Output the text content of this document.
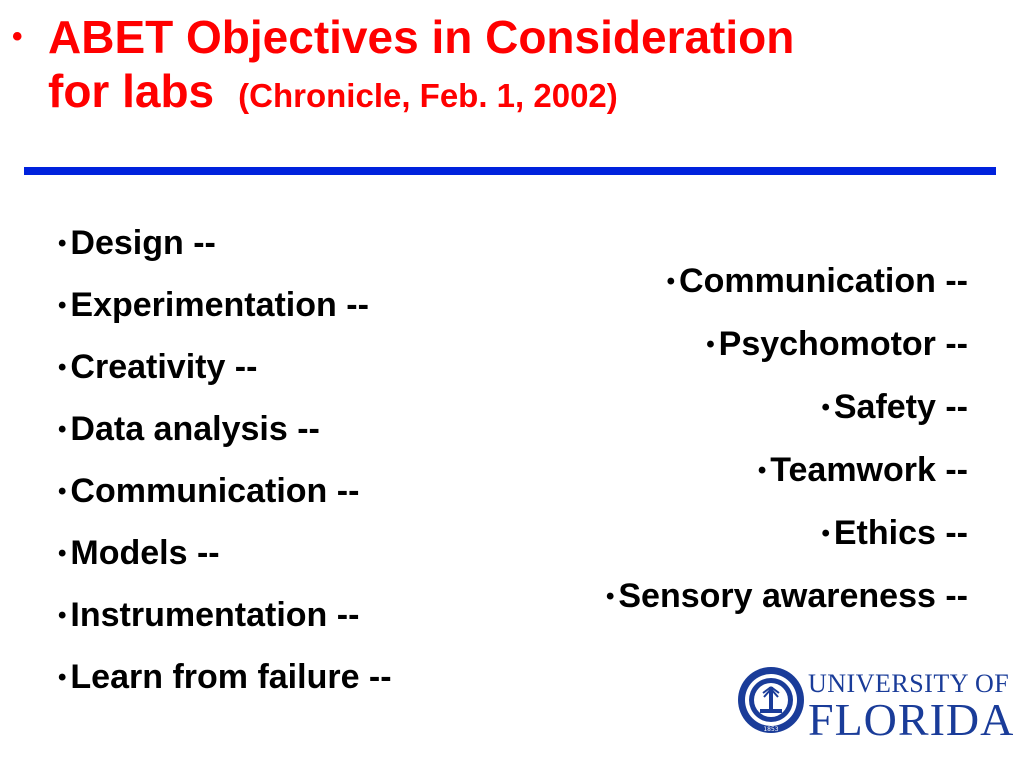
• ABET Objectives in Consideration
for labs (Chronicle, Feb. 1, 2002)
• Design --
• Experimentation --
• Creativity --
• Data analysis --
• Communication --
• Models --
• Instrumentation --
• Learn from failure --
• Communication --
• Psychomotor --
• Safety --
• Teamwork --
• Ethics --
• Sensory awareness --
1853
UNIVERSITY OF
FLORIDA
